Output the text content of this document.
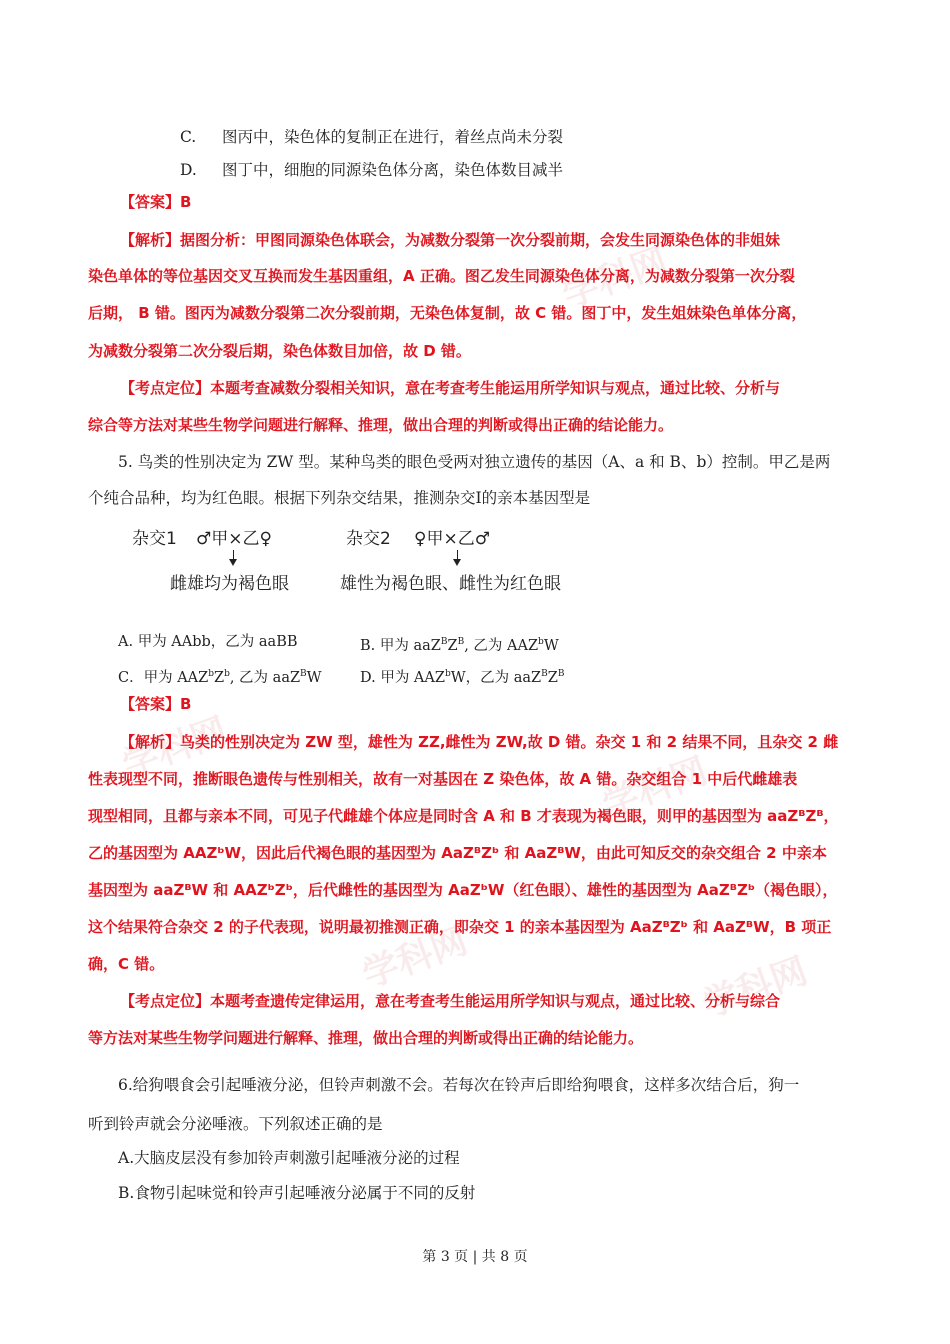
学科网
学科网
学科网
学科网	学科网
C. 图丙中，染色体的复制正在进行，着丝点尚未分裂
D. 图丁中，细胞的同源染色体分离，染色体数目减半
【答案】B
【解析】据图分析：甲图同源染色体联会，为减数分裂第一次分裂前期，会发生同源染色体的非姐妹
染色单体的等位基因交叉互换而发生基因重组，A 正确。图乙发生同源染色体分离，为减数分裂第一次分裂
后期， B 错。图丙为减数分裂第二次分裂前期，无染色体复制，故 C 错。图丁中，发生姐妹染色单体分离，
为减数分裂第二次分裂后期，染色体数目加倍，故 D 错。
【考点定位】本题考查减数分裂相关知识，意在考查考生能运用所学知识与观点，通过比较、分析与
综合等方法对某些生物学问题进行解释、推理，做出合理的判断或得出正确的结论能力。
5. 鸟类的性别决定为 ZW 型。某种鸟类的眼色受两对独立遗传的基因（A、a 和 B、b）控制。甲乙是两
个纯合品种，均为红色眼。根据下列杂交结果，推测杂交Ⅰ的亲本基因型是
杂交1 ♂甲×乙♀
雌雄均为褐色眼
杂交2 ♀甲×乙♂
雄性为褐色眼、雌性为红色眼
A. 甲为 AAbb，乙为 aaBB	B. 甲为 $aaZ^BZ^B$, 乙为 AAZ$^b$W
C．甲为 $AAZ^bZ^b$, 乙为 aaZ$^B$W	D. 甲为 AAZ$^b$W，乙为 $aaZ^BZ^B$
【答案】B
【解析】鸟类的性别决定为 ZW 型，雄性为 ZZ,雌性为 ZW,故 D 错。杂交 1 和 2 结果不同，且杂交 2 雌
性表现型不同，推断眼色遗传与性别相关，故有一对基因在 Z 染色体，故 A 错。杂交组合 1 中后代雌雄表
现型相同，且都与亲本不同，可见子代雌雄个体应是同时含 A 和 B 才表现为褐色眼，则甲的基因型为 aaZᴮZᴮ，
乙的基因型为 AAZᵇW，因此后代褐色眼的基因型为 AaZᴮZᵇ 和 AaZᴮW，由此可知反交的杂交组合 2 中亲本
基因型为 aaZᴮW 和 AAZᵇZᵇ，后代雌性的基因型为 AaZᵇW（红色眼）、雄性的基因型为 AaZᴮZᵇ（褐色眼），
这个结果符合杂交 2 的子代表现，说明最初推测正确，即杂交 1 的亲本基因型为 AaZᴮZᵇ 和 AaZᴮW，B 项正
确，C 错。
【考点定位】本题考查遗传定律运用，意在考查考生能运用所学知识与观点，通过比较、分析与综合
等方法对某些生物学问题进行解释、推理，做出合理的判断或得出正确的结论能力。
6.给狗喂食会引起唾液分泌，但铃声刺激不会。若每次在铃声后即给狗喂食，这样多次结合后，狗一
听到铃声就会分泌唾液。下列叙述正确的是
A.大脑皮层没有参加铃声刺激引起唾液分泌的过程
B.食物引起味觉和铃声引起唾液分泌属于不同的反射
第 3 页 | 共 8 页
